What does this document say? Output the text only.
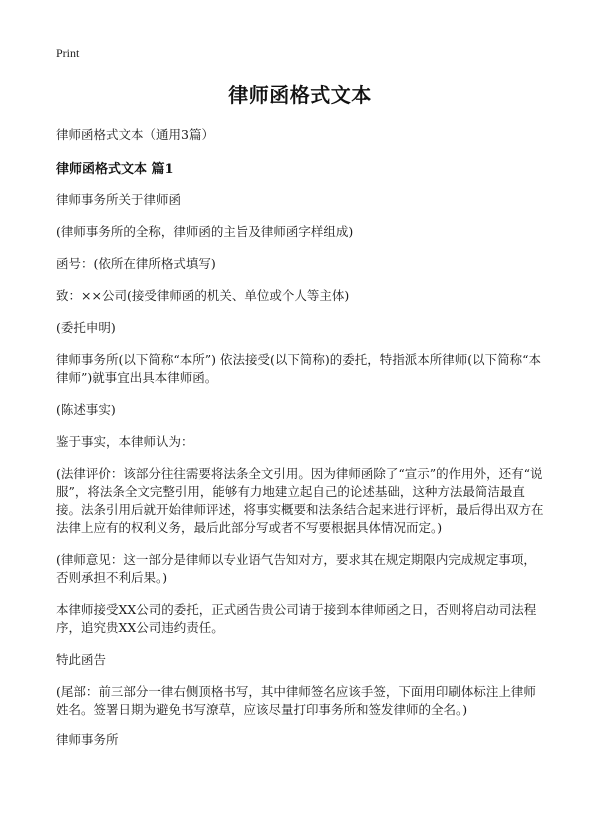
Print
律师函格式文本
律师函格式文本（通用3篇）
律师函格式文本 篇1
律师事务所关于律师函
(律师事务所的全称，律师函的主旨及律师函字样组成)
函号：(依所在律所格式填写)
致：××公司(接受律师函的机关、单位或个人等主体)
(委托申明)
律师事务所(以下简称“本所”) 依法接受(以下简称)的委托，特指派本所律师(以下简称“本律师”)就事宜出具本律师函。
(陈述事实)
鉴于事实，本律师认为：
(法律评价：该部分往往需要将法条全文引用。因为律师函除了“宣示”的作用外，还有“说服”，将法条全文完整引用，能够有力地建立起自己的论述基础，这种方法最简洁最直接。法条引用后就开始律师评述，将事实概要和法条结合起来进行评析，最后得出双方在法律上应有的权利义务，最后此部分写或者不写要根据具体情况而定。)
(律师意见：这一部分是律师以专业语气告知对方，要求其在规定期限内完成规定事项，否则承担不利后果。)
本律师接受XX公司的委托，正式函告贵公司请于接到本律师函之日，否则将启动司法程序，追究贵XX公司违约责任。
特此函告
(尾部：前三部分一律右侧顶格书写，其中律师签名应该手签，下面用印刷体标注上律师姓名。签署日期为避免书写潦草，应该尽量打印事务所和签发律师的全名。)
律师事务所
